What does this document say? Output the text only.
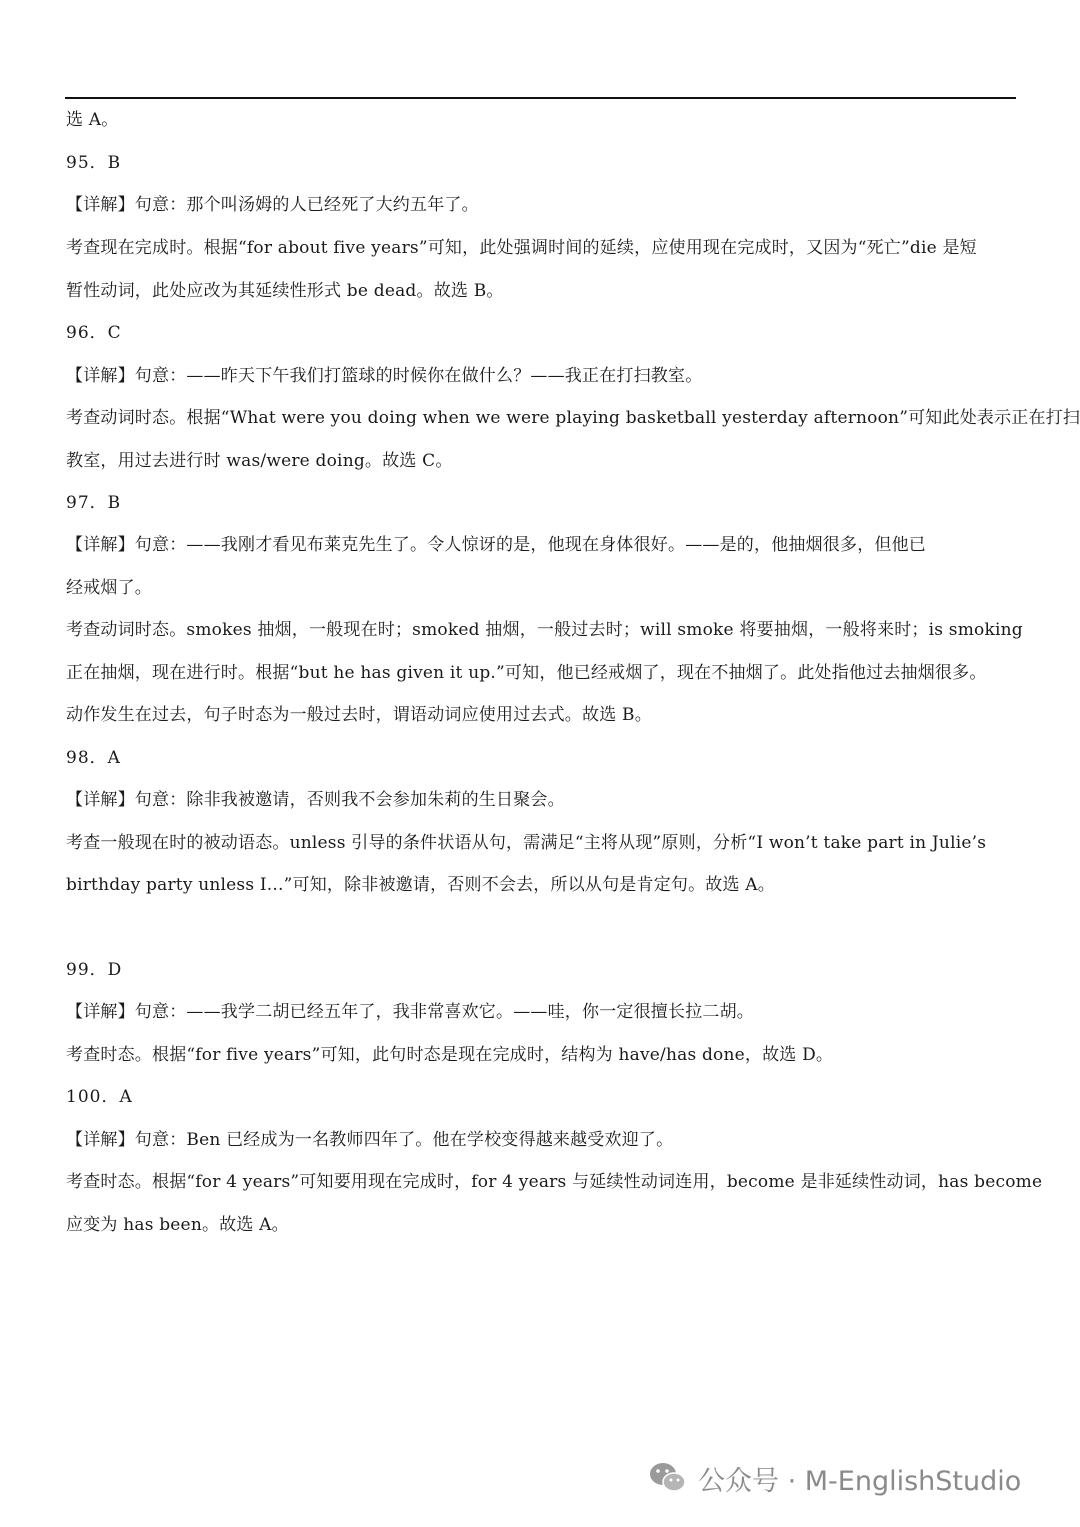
选 A。
95．B
【详解】句意：那个叫汤姆的人已经死了大约五年了。
考查现在完成时。根据“for about five years”可知，此处强调时间的延续，应使用现在完成时，又因为“死亡”die 是短
暂性动词，此处应改为其延续性形式 be dead。故选 B。
96．C
【详解】句意：——昨天下午我们打篮球的时候你在做什么？——我正在打扫教室。
考查动词时态。根据“What were you doing when we were playing basketball yesterday afternoon”可知此处表示正在打扫
教室，用过去进行时 was/were doing。故选 C。
97．B
【详解】句意：——我刚才看见布莱克先生了。令人惊讶的是，他现在身体很好。——是的，他抽烟很多，但他已
经戒烟了。
考查动词时态。smokes 抽烟，一般现在时；smoked 抽烟，一般过去时；will smoke 将要抽烟，一般将来时；is smoking
正在抽烟，现在进行时。根据“but he has given it up.”可知，他已经戒烟了，现在不抽烟了。此处指他过去抽烟很多。
动作发生在过去，句子时态为一般过去时，谓语动词应使用过去式。故选 B。
98．A
【详解】句意：除非我被邀请，否则我不会参加朱莉的生日聚会。
考查一般现在时的被动语态。unless 引导的条件状语从句，需满足“主将从现”原则，分析“I won’t take part in Julie’s
birthday party unless I...”可知，除非被邀请，否则不会去，所以从句是肯定句。故选 A。
99．D
【详解】句意：——我学二胡已经五年了，我非常喜欢它。——哇，你一定很擅长拉二胡。
考查时态。根据“for five years”可知，此句时态是现在完成时，结构为 have/has done，故选 D。
100．A
【详解】句意：Ben 已经成为一名教师四年了。他在学校变得越来越受欢迎了。
考查时态。根据“for 4 years”可知要用现在完成时，for 4 years 与延续性动词连用，become 是非延续性动词，has become
应变为 has been。故选 A。
公众号 · M-EnglishStudio
